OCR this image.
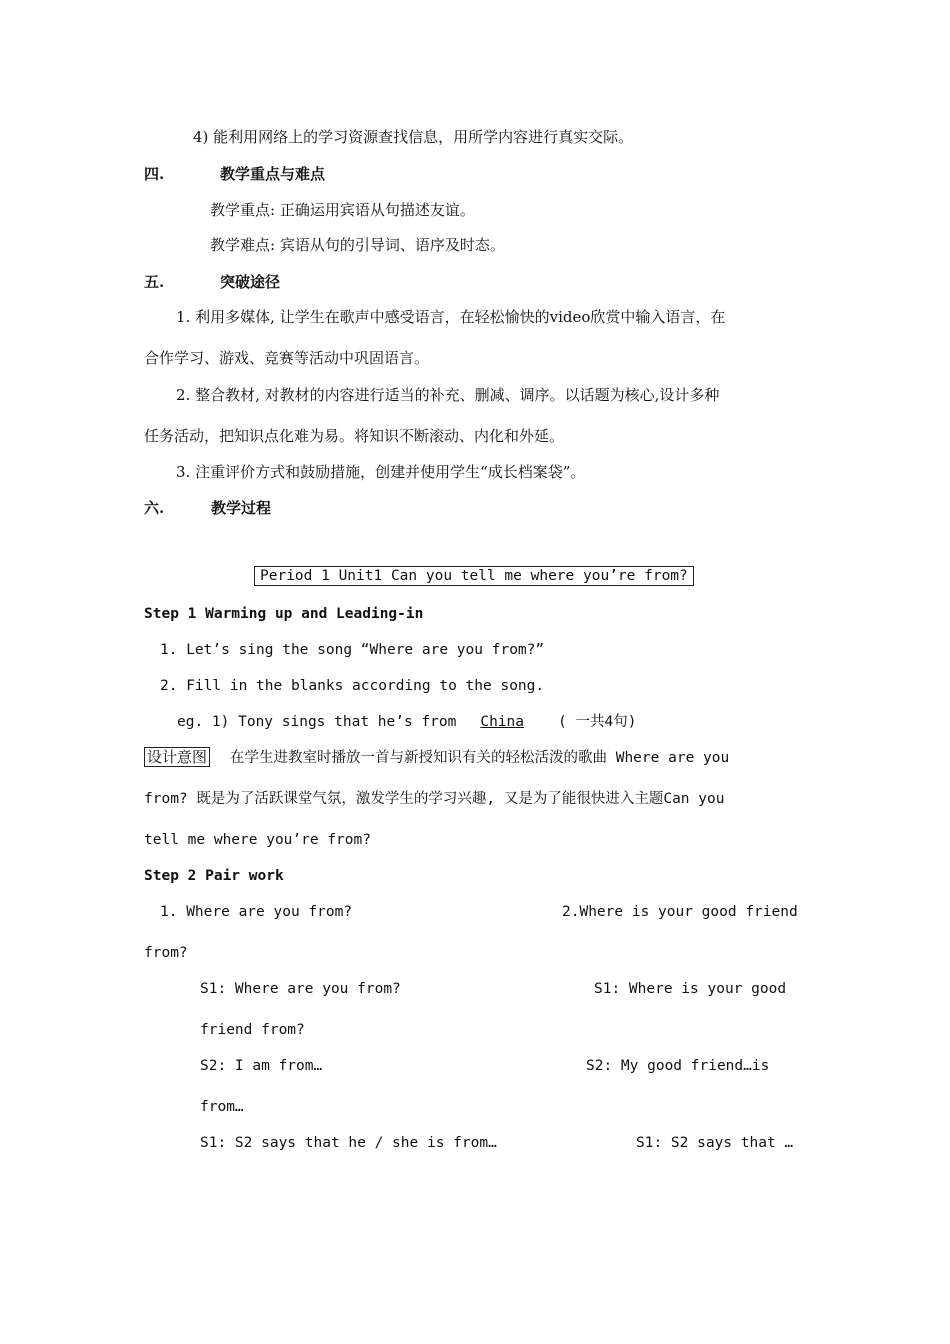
4) 能利用网络上的学习资源查找信息，用所学内容进行真实交际。
四.	教学重点与难点
教学重点: 正确运用宾语从句描述友谊。
教学难点: 宾语从句的引导词、语序及时态。
五.	突破途径
1. 利用多媒体, 让学生在歌声中感受语言，在轻松愉快的video欣赏中输入语言，在
合作学习、游戏、竞赛等活动中巩固语言。
2. 整合教材, 对教材的内容进行适当的补充、删减、调序。以话题为核心,设计多种
任务活动，把知识点化难为易。将知识不断滚动、内化和外延。
3. 注重评价方式和鼓励措施，创建并使用学生“成长档案袋”。
六.	教学过程
Period 1 Unit1 Can you tell me where you’re from?
Step 1 Warming up and Leading-in
1. Let’s sing the song “Where are you from?”
2. Fill in the blanks according to the song.
eg. 1) Tony sings that he’s from China ( 一共4句)
设计意图 在学生进教室时播放一首与新授知识有关的轻松活泼的歌曲 Where are you
from? 既是为了活跃课堂气氛，激发学生的学习兴趣, 又是为了能很快进入主题Can you
tell me where you’re from?
Step 2 Pair work
1. Where are you from?	2.Where is your good friend
from?
S1: Where are you from?	S1: Where is your good
friend from?
S2: I am from…	S2: My good friend…is
from…
S1: S2 says that he / she is from…	S1: S2 says that …
